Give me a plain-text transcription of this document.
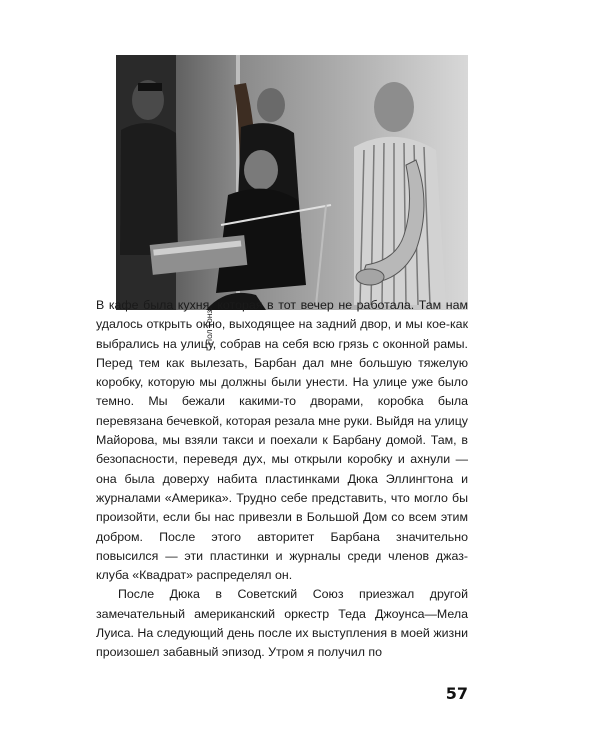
В кафе была кухня, которая в тот вечер не работала. Там нам удалось открыть окно, выходящее на задний двор, и мы кое-как выбрались на улицу, собрав на себя всю грязь с оконной рамы. Перед тем как вылезать, Барбан дал мне большую тяжелую коробку, которую мы должны были унести. На улице уже было темно. Мы бежали какими-то дворами, коробка была перевязана бечевкой, которая резала мне руки. Выйдя на улицу Майорова, мы взяли такси и поехали к Барбану домой. Там, в безопасности, переведя дух, мы открыли коробку и ахнули — она была доверху набита пластинками Дюка Эллингтона и журналами «Америка». Трудно себе представить, что могло бы произойти, если бы нас привезли в Большой Дом со всем этим добром. После этого авторитет Барбана значительно повысился — эти пластинки и журналы среди членов джаз-клуба «Квадрат» распределял он.

После Дюка в Советский Союз приезжал другой замечательный американский оркестр Теда Джоунса—Мела Луиса. На следующий день после их выступления в моей жизни произошел забавный эпизод. Утром я получил по

57
